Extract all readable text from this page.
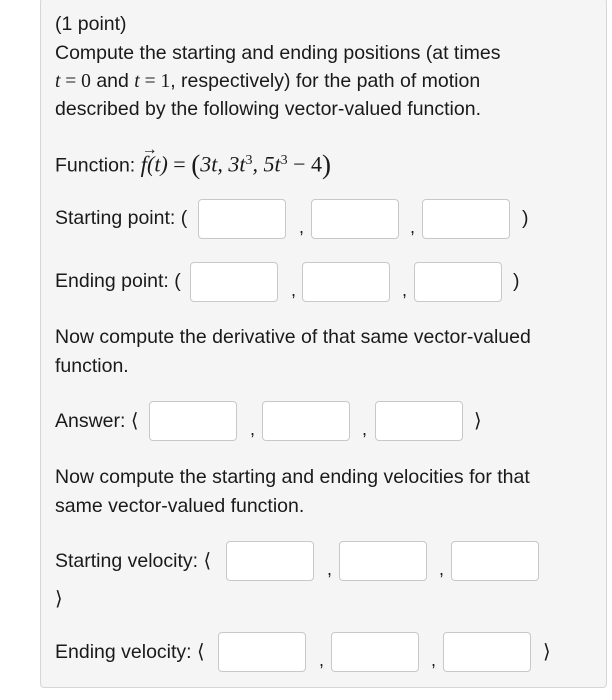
(1 point)
Compute the starting and ending positions (at times
t = 0 and t = 1, respectively) for the path of motion
described by the following vector-valued function.
Function: → f(t) = (3t, $3t^3$, $5t^3 - 4$)
Starting point: (	,	,	)
Ending point: (	,	,	)
Now compute the derivative of that same vector-valued
function.
Answer: ⟨	,	,	⟩
Now compute the starting and ending velocities for that
same vector-valued function.
Starting velocity: ⟨	,	,
⟩
Ending velocity: ⟨	,	,	⟩
